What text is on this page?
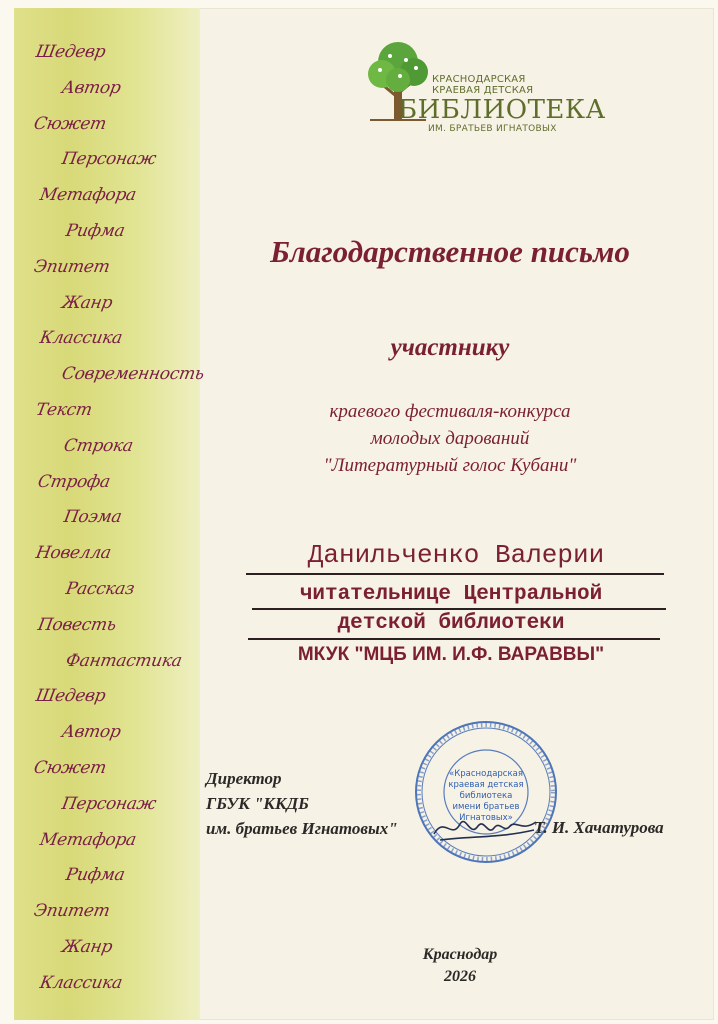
Шедевр
Автор
Сюжет
Персонаж
Метафора
Рифма
Эпитет
Жанр
Классика
Современность
Текст
Строка
Строфа
Поэма
Новелла
Рассказ
Повесть
Фантастика
Шедевр
Автор
Сюжет
Персонаж
Метафора
Рифма
Эпитет
Жанр
Классика
КРАСНОДАРСКАЯ
КРАЕВАЯ ДЕТСКАЯ
БИБЛИОТЕКА
ИМ. БРАТЬЕВ ИГНАТОВЫХ
Благодарственное письмо
участнику
краевого фестиваля-конкурса
молодых дарований
"Литературный голос Кубани"
Данильченко Валерии
читательнице Центральной
детской библиотеки
МКУК "МЦБ ИМ. И.Ф. ВАРАВВЫ"
Директор
ГБУК "ККДБ
им. братьев Игнатовых"
«Краснодарская
краевая детская
библиотека
имени братьев
Игнатовых» Т. И. Хачатурова
Краснодар
2026
